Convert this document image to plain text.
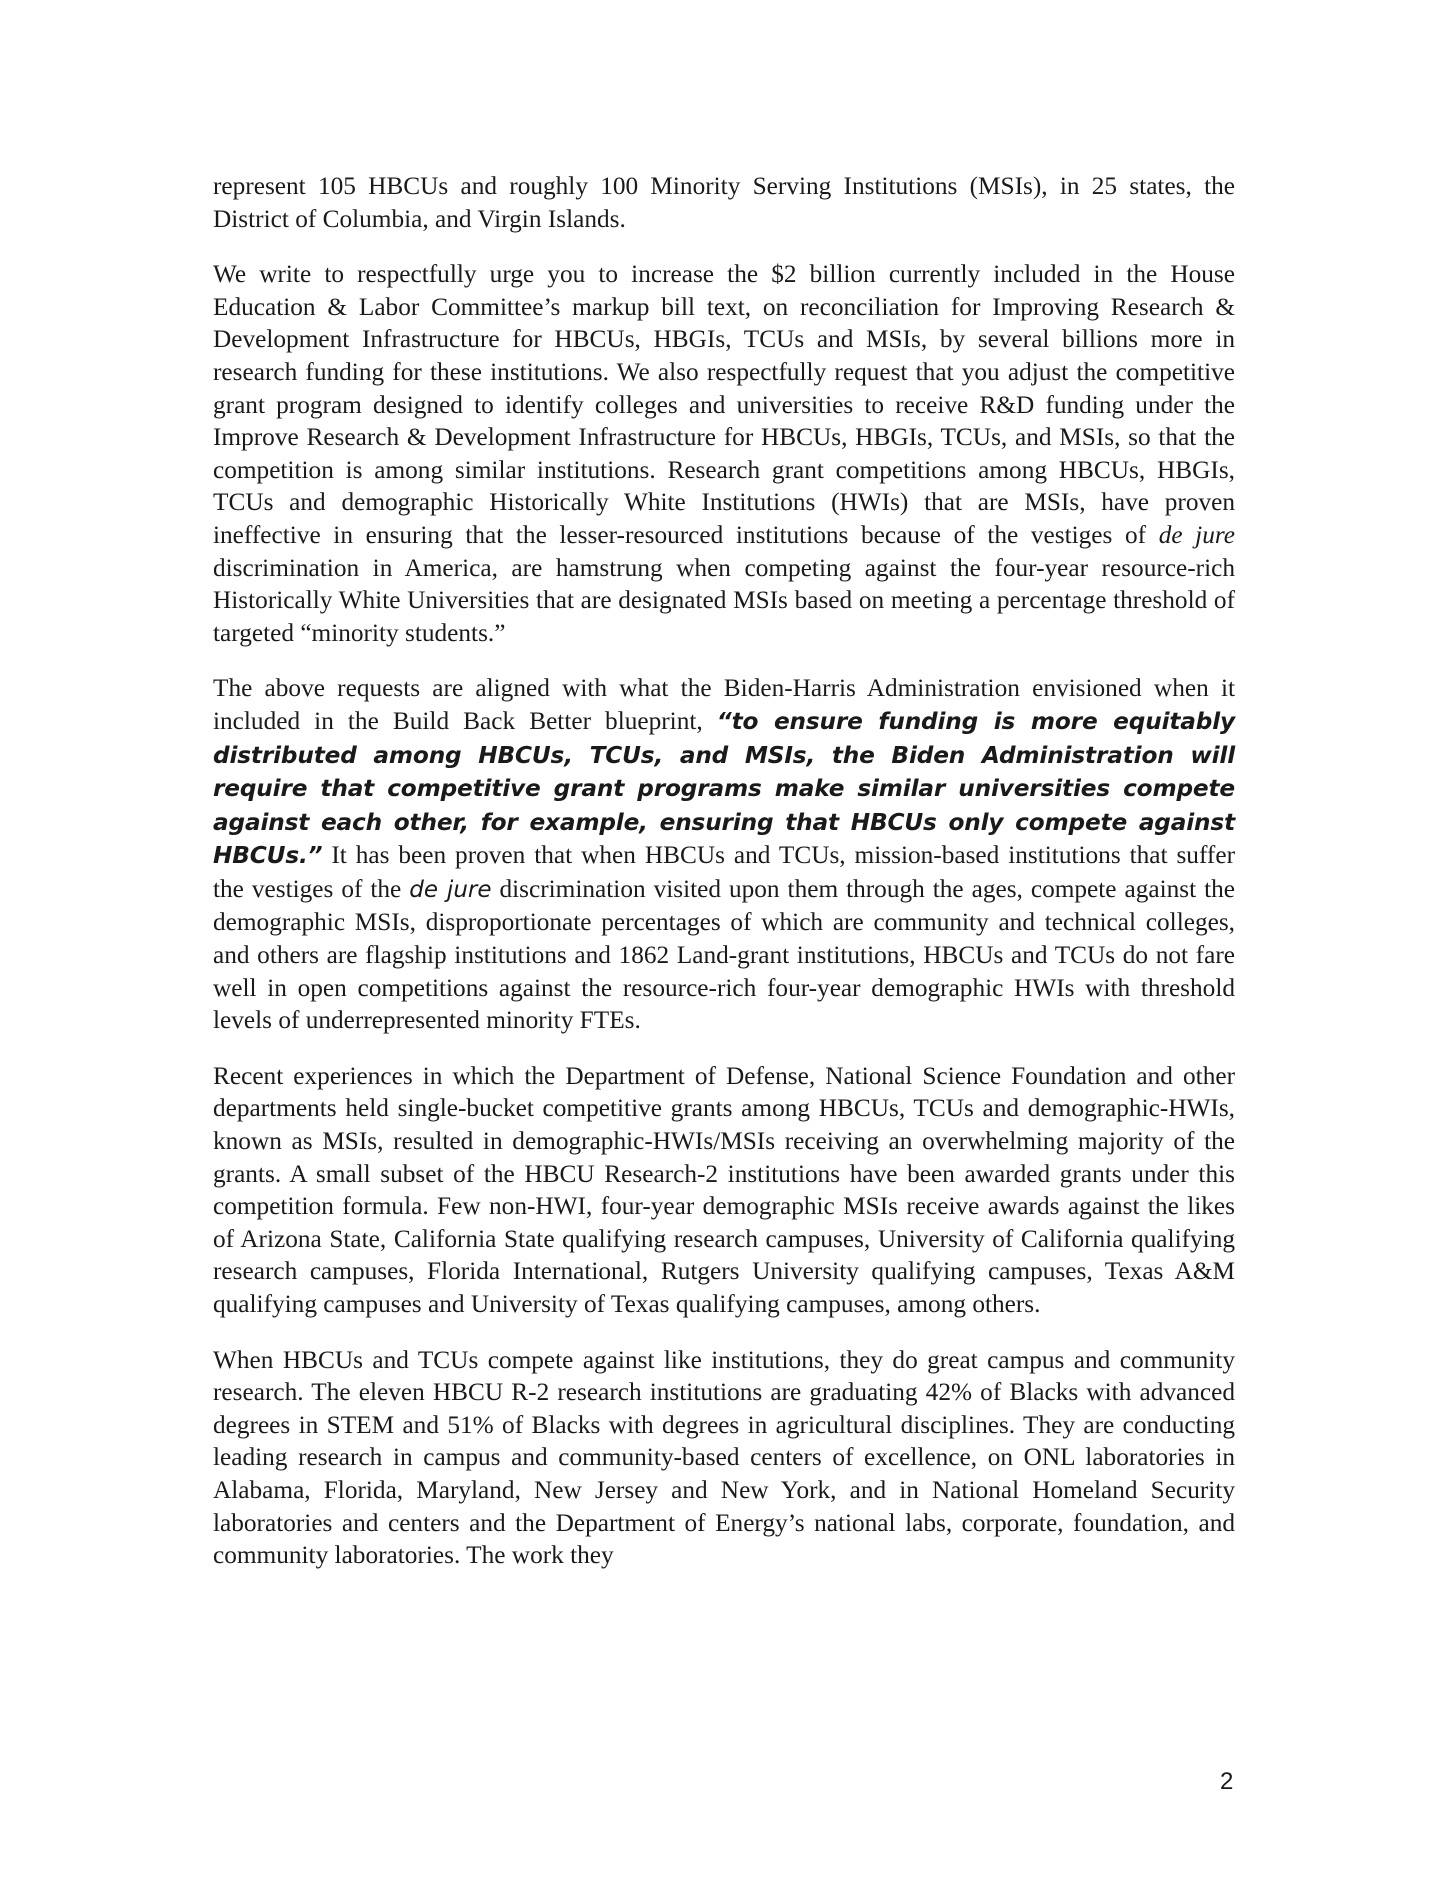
represent 105 HBCUs and roughly 100 Minority Serving Institutions (MSIs), in 25 states, the District of Columbia, and Virgin Islands.

We write to respectfully urge you to increase the $2 billion currently included in the House Education & Labor Committee’s markup bill text, on reconciliation for Improving Research & Development Infrastructure for HBCUs, HBGIs, TCUs and MSIs, by several billions more in research funding for these institutions. We also respectfully request that you adjust the competitive grant program designed to identify colleges and universities to receive R&D funding under the Improve Research & Development Infrastructure for HBCUs, HBGIs, TCUs, and MSIs, so that the competition is among similar institutions. Research grant competitions among HBCUs, HBGIs, TCUs and demographic Historically White Institutions (HWIs) that are MSIs, have proven ineffective in ensuring that the lesser-resourced institutions because of the vestiges of de jure discrimination in America, are hamstrung when competing against the four-year resource-rich Historically White Universities that are designated MSIs based on meeting a percentage threshold of targeted “minority students.”

The above requests are aligned with what the Biden-Harris Administration envisioned when it included in the Build Back Better blueprint, “to ensure funding is more equitably distributed among HBCUs, TCUs, and MSIs, the Biden Administration will require that competitive grant programs make similar universities compete against each other, for example, ensuring that HBCUs only compete against HBCUs.” It has been proven that when HBCUs and TCUs, mission-based institutions that suffer the vestiges of the de jure discrimination visited upon them through the ages, compete against the demographic MSIs, disproportionate percentages of which are community and technical colleges, and others are flagship institutions and 1862 Land-grant institutions, HBCUs and TCUs do not fare well in open competitions against the resource-rich four-year demographic HWIs with threshold levels of underrepresented minority FTEs.

Recent experiences in which the Department of Defense, National Science Foundation and other departments held single-bucket competitive grants among HBCUs, TCUs and demographic-HWIs, known as MSIs, resulted in demographic-HWIs/MSIs receiving an overwhelming majority of the grants. A small subset of the HBCU Research-2 institutions have been awarded grants under this competition formula. Few non-HWI, four-year demographic MSIs receive awards against the likes of Arizona State, California State qualifying research campuses, University of California qualifying research campuses, Florida International, Rutgers University qualifying campuses, Texas A&M qualifying campuses and University of Texas qualifying campuses, among others.

When HBCUs and TCUs compete against like institutions, they do great campus and community research. The eleven HBCU R-2 research institutions are graduating 42% of Blacks with advanced degrees in STEM and 51% of Blacks with degrees in agricultural disciplines. They are conducting leading research in campus and community-based centers of excellence, on ONL laboratories in Alabama, Florida, Maryland, New Jersey and New York, and in National Homeland Security laboratories and centers and the Department of Energy’s national labs, corporate, foundation, and community laboratories. The work they

2
